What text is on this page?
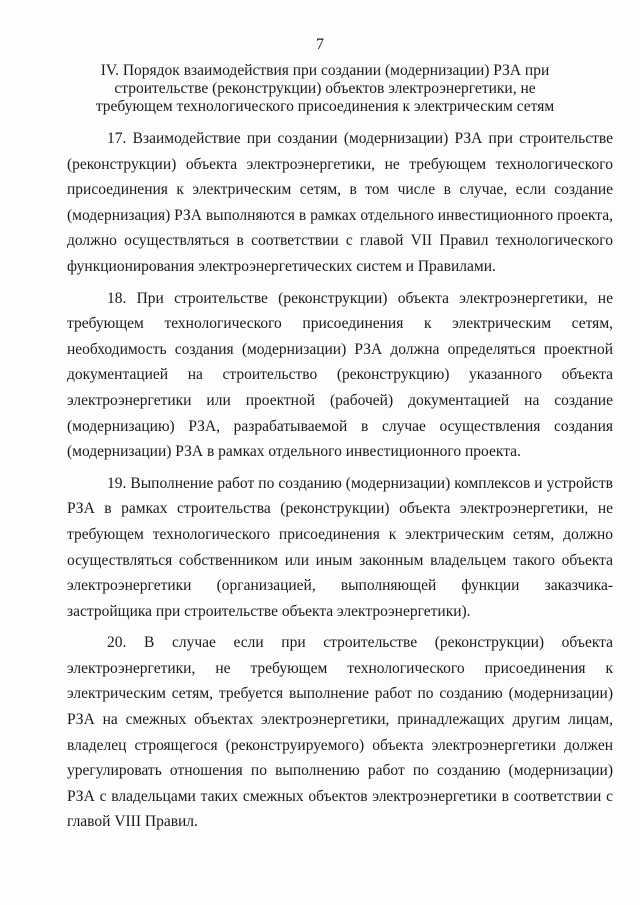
7
IV. Порядок взаимодействия при создании (модернизации) РЗА при строительстве (реконструкции) объектов электроэнергетики, не требующем технологического присоединения к электрическим сетям

17. Взаимодействие при создании (модернизации) РЗА при строительстве (реконструкции) объекта электроэнергетики, не требующем технологического присоединения к электрическим сетям, в том числе в случае, если создание (модернизация) РЗА выполняются в рамках отдельного инвестиционного проекта, должно осуществляться в соответствии с главой VII Правил технологического функционирования электроэнергетических систем и Правилами.

18. При строительстве (реконструкции) объекта электроэнергетики, не требующем технологического присоединения к электрическим сетям, необходимость создания (модернизации) РЗА должна определяться проектной документацией на строительство (реконструкцию) указанного объекта электроэнергетики или проектной (рабочей) документацией на создание (модернизацию) РЗА, разрабатываемой в случае осуществления создания (модернизации) РЗА в рамках отдельного инвестиционного проекта.

19. Выполнение работ по созданию (модернизации) комплексов и устройств РЗА в рамках строительства (реконструкции) объекта электроэнергетики, не требующем технологического присоединения к электрическим сетям, должно осуществляться собственником или иным законным владельцем такого объекта электроэнергетики (организацией, выполняющей функции заказчика-застройщика при строительстве объекта электроэнергетики).

20. В случае если при строительстве (реконструкции) объекта электроэнергетики, не требующем технологического присоединения к электрическим сетям, требуется выполнение работ по созданию (модернизации) РЗА на смежных объектах электроэнергетики, принадлежащих другим лицам, владелец строящегося (реконструируемого) объекта электроэнергетики должен урегулировать отношения по выполнению работ по созданию (модернизации) РЗА с владельцами таких смежных объектов электроэнергетики в соответствии с главой VIII Правил.
